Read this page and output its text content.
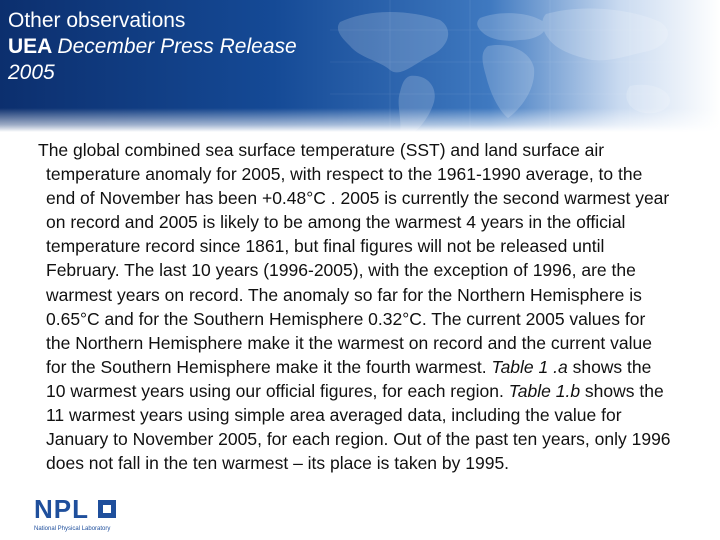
Other observations
UEA December Press Release
2005
NPL
National Physical Laboratory

The global combined sea surface temperature (SST) and land surface air temperature anomaly for 2005, with respect to the 1961-1990 average, to the end of November has been +0.48°C . 2005 is currently the second warmest year on record and 2005 is likely to be among the warmest 4 years in the official temperature record since 1861, but final figures will not be released until February. The last 10 years (1996-2005), with the exception of 1996, are the warmest years on record. The anomaly so far for the Northern Hemisphere is 0.65°C and for the Southern Hemisphere 0.32°C. The current 2005 values for the Northern Hemisphere make it the warmest on record and the current value for the Southern Hemisphere make it the fourth warmest. Table 1 .a shows the 10 warmest years using our official figures, for each region. Table 1.b shows the 11 warmest years using simple area averaged data, including the value for January to November 2005, for each region. Out of the past ten years, only 1996 does not fall in the ten warmest – its place is taken by 1995.
